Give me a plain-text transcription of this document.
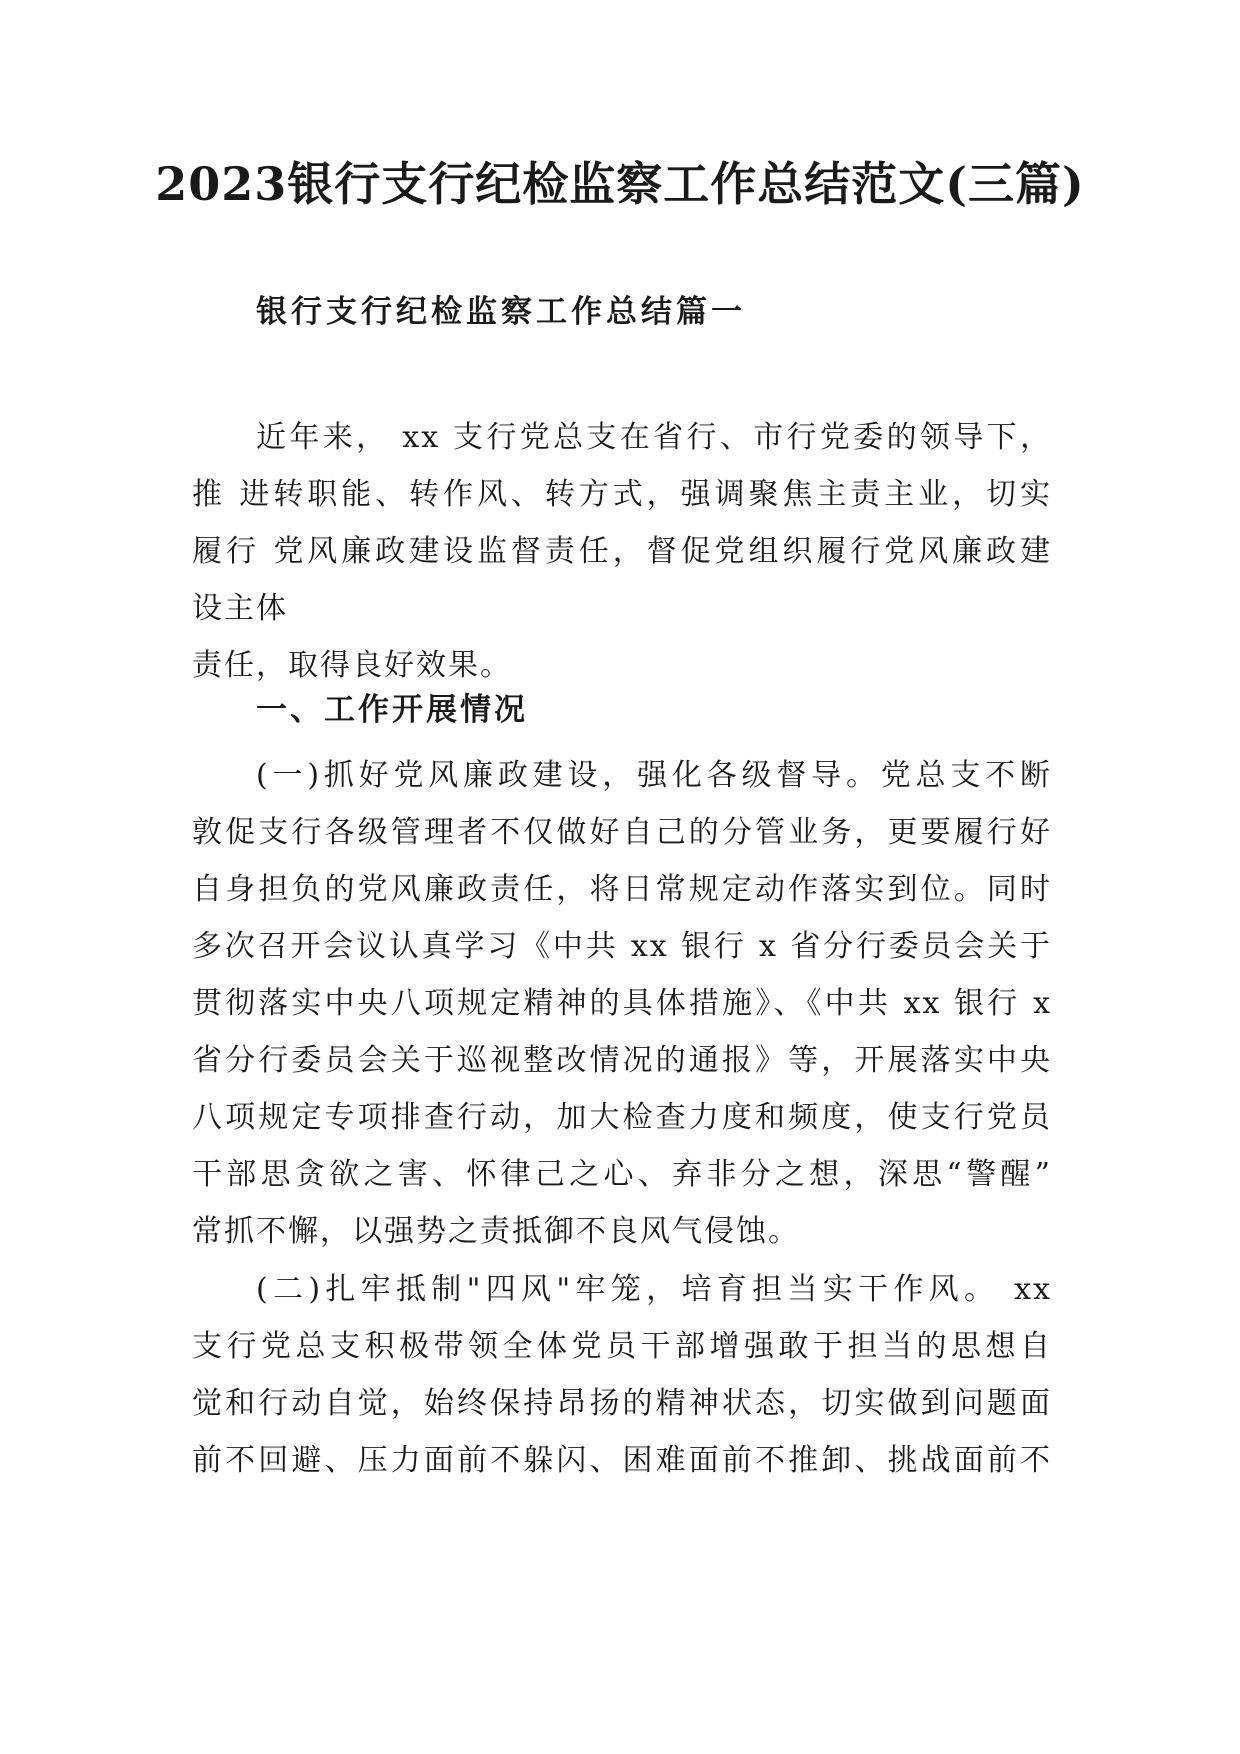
2023银行支行纪检监察工作总结范文(三篇)
银行支行纪检监察工作总结篇一
近年来， xx 支行党总支在省行、市行党委的领导下，
推 进转职能、转作风、转方式，强调聚焦主责主业，切实
履行 党风廉政建设监督责任，督促党组织履行党风廉政建
设主体
责任，取得良好效果。
一、工作开展情况
(一)抓好党风廉政建设，强化各级督导。党总支不断
敦促支行各级管理者不仅做好自己的分管业务，更要履行好
自身担负的党风廉政责任，将日常规定动作落实到位。同时
多次召开会议认真学习《中共 xx 银行 x 省分行委员会关于
贯彻落实中央八项规定精神的具体措施》、《中共 xx 银行 x
省分行委员会关于巡视整改情况的通报》等，开展落实中央
八项规定专项排查行动，加大检查力度和频度，使支行党员
干部思贪欲之害、怀律己之心、弃非分之想，深思“警醒”
常抓不懈，以强势之责抵御不良风气侵蚀。
(二)扎牢抵制"四风"牢笼，培育担当实干作风。 xx
支行党总支积极带领全体党员干部增强敢于担当的思想自
觉和行动自觉，始终保持昂扬的精神状态，切实做到问题面
前不回避、压力面前不躲闪、困难面前不推卸、挑战面前不
